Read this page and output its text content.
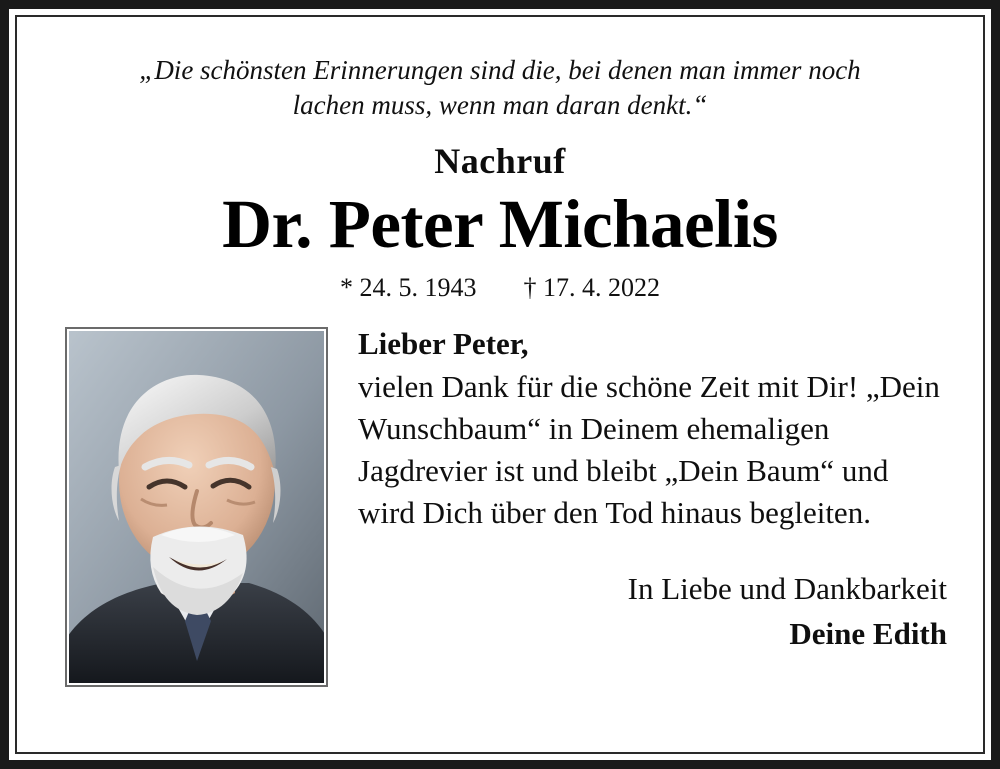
„Die schönsten Erinnerungen sind die, bei denen man immer noch lachen muss, wenn man daran denkt.“
Nachruf
Dr. Peter Michaelis
* 24. 5. 1943 † 17. 4. 2022

Lieber Peter,

vielen Dank für die schöne Zeit mit Dir! „Dein Wunschbaum“ in Deinem ehemaligen Jagdrevier ist und bleibt „Dein Baum“ und wird Dich über den Tod hinaus begleiten.

In Liebe und Dankbarkeit
Deine Edith
